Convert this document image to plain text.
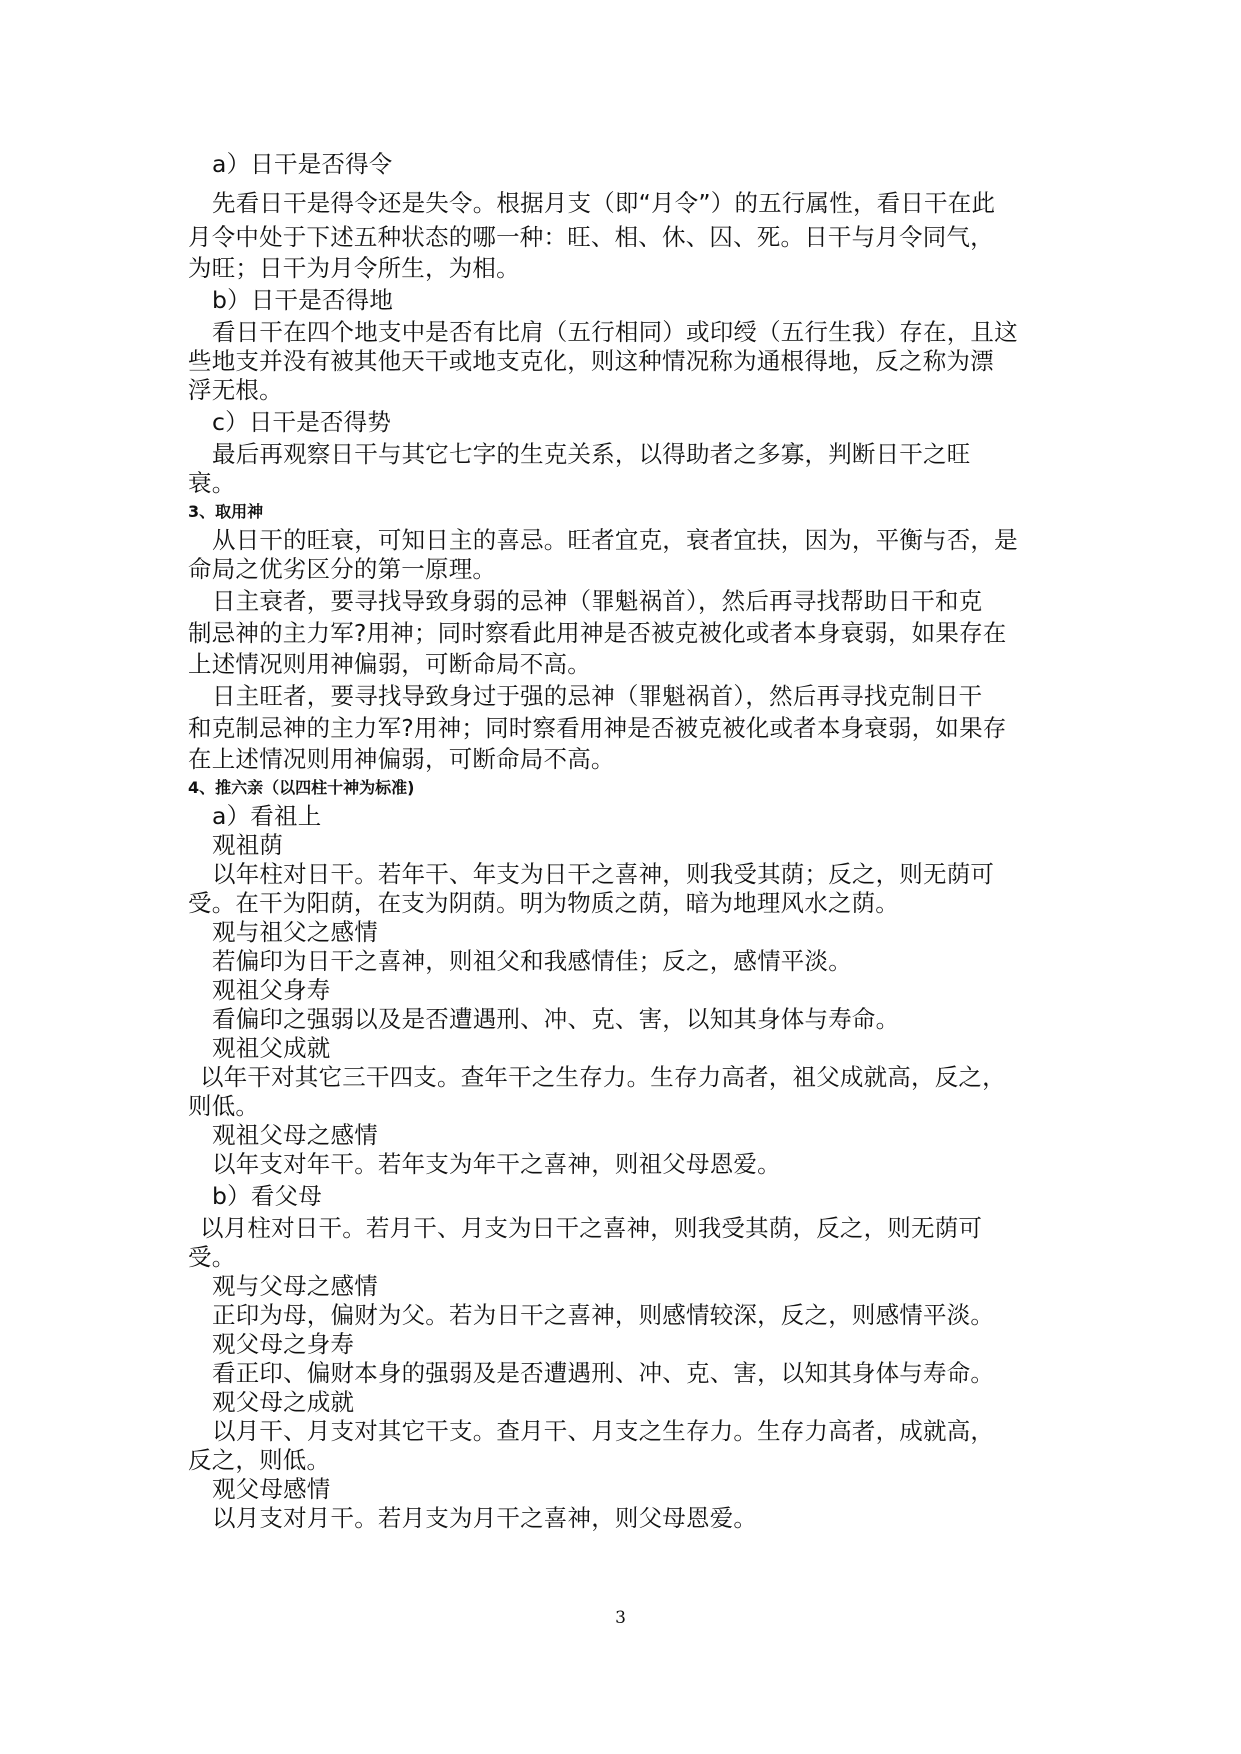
a）日干是否得令

先看日干是得令还是失令。根据月支（即“月令”）的五行属性，看日干在此

月令中处于下述五种状态的哪一种：旺、相、休、囚、死。日干与月令同气，

为旺；日干为月令所生，为相。

b）日干是否得地

看日干在四个地支中是否有比肩（五行相同）或印绶（五行生我）存在，且这

些地支并没有被其他天干或地支克化，则这种情况称为通根得地，反之称为漂

浮无根。

c）日干是否得势

最后再观察日干与其它七字的生克关系，以得助者之多寡，判断日干之旺

衰。

3、取用神

从日干的旺衰，可知日主的喜忌。旺者宜克，衰者宜扶，因为，平衡与否，是

命局之优劣区分的第一原理。

日主衰者，要寻找导致身弱的忌神（罪魁祸首），然后再寻找帮助日干和克

制忌神的主力军?用神；同时察看此用神是否被克被化或者本身衰弱，如果存在

上述情况则用神偏弱，可断命局不高。

日主旺者，要寻找导致身过于强的忌神（罪魁祸首），然后再寻找克制日干

和克制忌神的主力军?用神；同时察看用神是否被克被化或者本身衰弱，如果存

在上述情况则用神偏弱，可断命局不高。

4、推六亲（以四柱十神为标准)

a）看祖上

观祖荫

以年柱对日干。若年干、年支为日干之喜神，则我受其荫；反之，则无荫可

受。在干为阳荫，在支为阴荫。明为物质之荫，暗为地理风水之荫。

观与祖父之感情

若偏印为日干之喜神，则祖父和我感情佳；反之，感情平淡。

观祖父身寿

看偏印之强弱以及是否遭遇刑、冲、克、害，以知其身体与寿命。

观祖父成就

以年干对其它三干四支。查年干之生存力。生存力高者，祖父成就高，反之，

则低。

观祖父母之感情

以年支对年干。若年支为年干之喜神，则祖父母恩爱。

b）看父母

以月柱对日干。若月干、月支为日干之喜神，则我受其荫，反之，则无荫可

受。

观与父母之感情

正印为母，偏财为父。若为日干之喜神，则感情较深，反之，则感情平淡。

观父母之身寿

看正印、偏财本身的强弱及是否遭遇刑、冲、克、害，以知其身体与寿命。

观父母之成就

以月干、月支对其它干支。查月干、月支之生存力。生存力高者，成就高，

反之，则低。

观父母感情

以月支对月干。若月支为月干之喜神，则父母恩爱。

3
